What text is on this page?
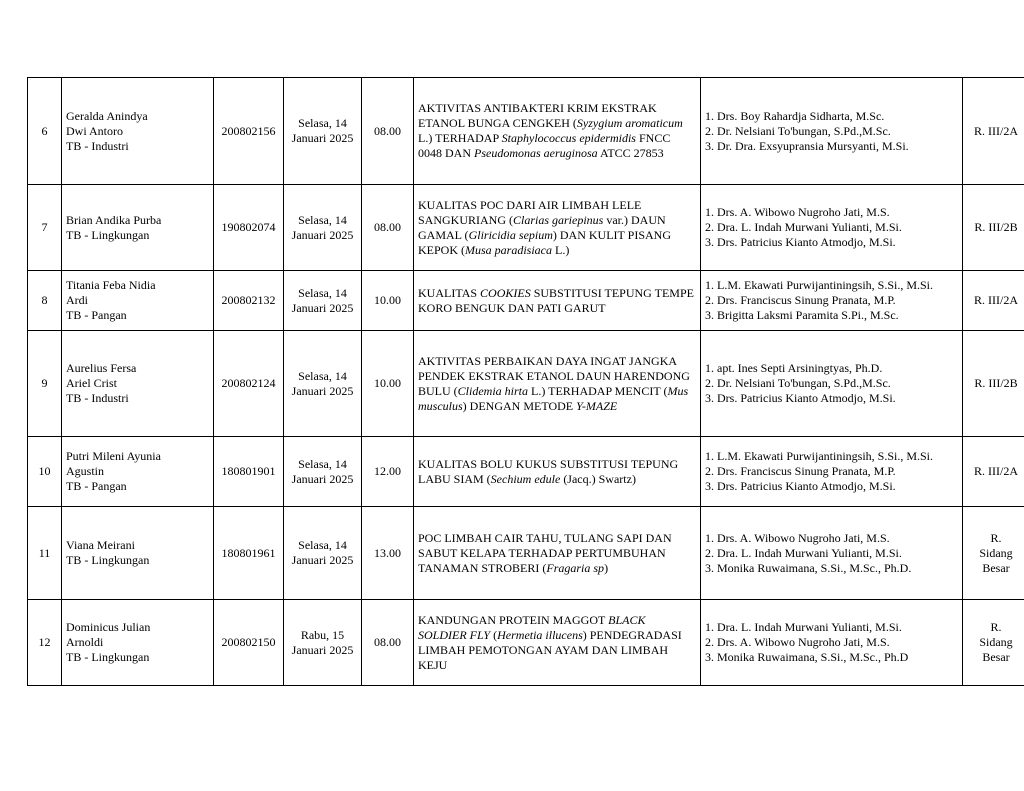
6	Geralda Anindya
Dwi Antoro
TB - Industri	200802156	Selasa, 14
Januari 2025	08.00	AKTIVITAS ANTIBAKTERI KRIM EKSTRAK ETANOL BUNGA CENGKEH (Syzygium aromaticum L.) TERHADAP Staphylococcus epidermidis FNCC 0048 DAN Pseudomonas aeruginosa ATCC 27853	1. Drs. Boy Rahardja Sidharta, M.Sc.
2. Dr. Nelsiani To'bungan, S.Pd.,M.Sc.
3. Dr. Dra. Exsyupransia Mursyanti, M.Si.	R. III/2A

7	Brian Andika Purba
TB - Lingkungan	190802074	Selasa, 14
Januari 2025	08.00	KUALITAS POC DARI AIR LIMBAH LELE SANGKURIANG (Clarias gariepinus var.) DAUN GAMAL (Gliricidia sepium) DAN KULIT PISANG KEPOK (Musa paradisiaca L.)	1. Drs. A. Wibowo Nugroho Jati, M.S.
2. Dra. L. Indah Murwani Yulianti, M.Si.
3. Drs. Patricius Kianto Atmodjo, M.Si.	R. III/2B

8	Titania Feba Nidia
Ardi
TB - Pangan	200802132	Selasa, 14
Januari 2025	10.00	KUALITAS COOKIES SUBSTITUSI TEPUNG TEMPE KORO BENGUK DAN PATI GARUT	1. L.M. Ekawati Purwijantiningsih, S.Si., M.Si.
2. Drs. Franciscus Sinung Pranata, M.P.
3. Brigitta Laksmi Paramita S.Pi., M.Sc.	R. III/2A

9	Aurelius Fersa
Ariel Crist
TB - Industri	200802124	Selasa, 14
Januari 2025	10.00	AKTIVITAS PERBAIKAN DAYA INGAT JANGKA PENDEK EKSTRAK ETANOL DAUN HARENDONG BULU (Clidemia hirta L.) TERHADAP MENCIT (Mus musculus) DENGAN METODE Y-MAZE	1. apt. Ines Septi Arsiningtyas, Ph.D.
2. Dr. Nelsiani To'bungan, S.Pd.,M.Sc.
3. Drs. Patricius Kianto Atmodjo, M.Si.	R. III/2B

10	Putri Mileni Ayunia
Agustin
TB - Pangan	180801901	Selasa, 14
Januari 2025	12.00	KUALITAS BOLU KUKUS SUBSTITUSI TEPUNG LABU SIAM (Sechium edule (Jacq.) Swartz)	1. L.M. Ekawati Purwijantiningsih, S.Si., M.Si.
2. Drs. Franciscus Sinung Pranata, M.P.
3. Drs. Patricius Kianto Atmodjo, M.Si.	R. III/2A

11	Viana Meirani
TB - Lingkungan	180801961	Selasa, 14
Januari 2025	13.00	POC LIMBAH CAIR TAHU, TULANG SAPI DAN SABUT KELAPA TERHADAP PERTUMBUHAN TANAMAN STROBERI (Fragaria sp)	1. Drs. A. Wibowo Nugroho Jati, M.S.
2. Dra. L. Indah Murwani Yulianti, M.Si.
3. Monika Ruwaimana, S.Si., M.Sc., Ph.D.	R.
Sidang
Besar

12	Dominicus Julian
Arnoldi
TB - Lingkungan	200802150	Rabu, 15
Januari 2025	08.00	KANDUNGAN PROTEIN MAGGOT BLACK SOLDIER FLY (Hermetia illucens) PENDEGRADASI LIMBAH PEMOTONGAN AYAM DAN LIMBAH KEJU	1. Dra. L. Indah Murwani Yulianti, M.Si.
2. Drs. A. Wibowo Nugroho Jati, M.S.
3. Monika Ruwaimana, S.Si., M.Sc., Ph.D	R.
Sidang
Besar
